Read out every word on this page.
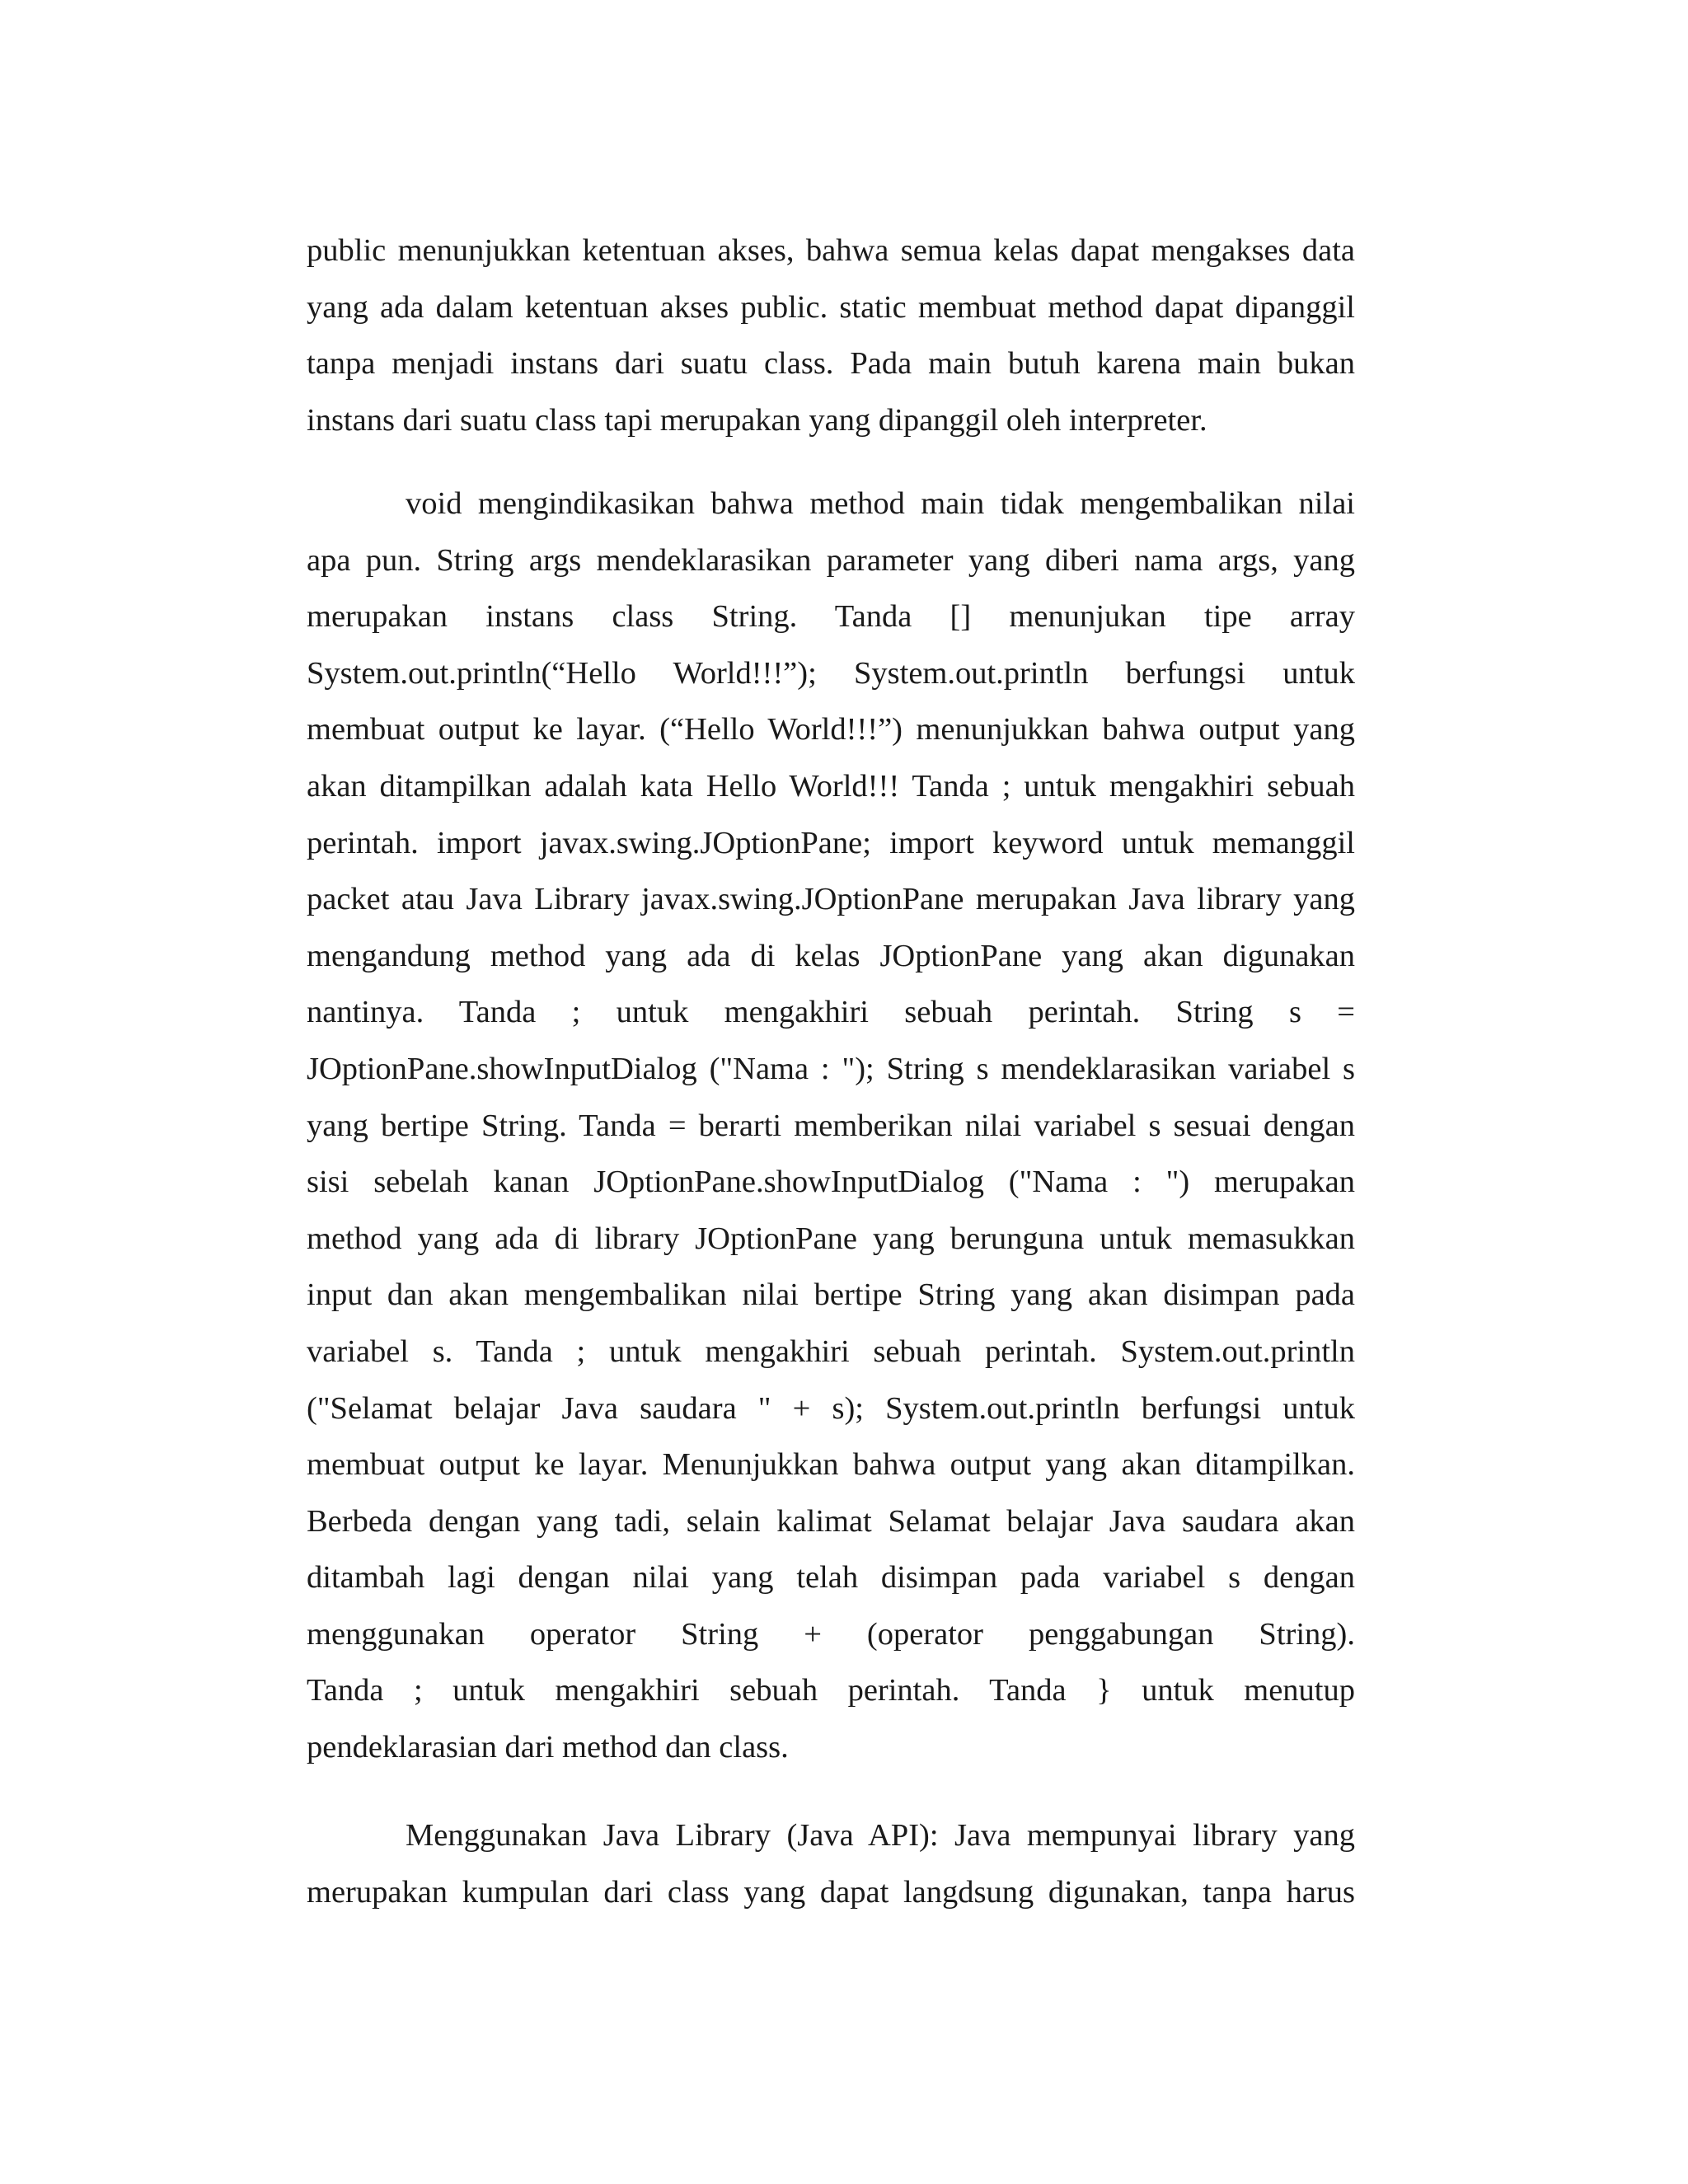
public menunjukkan ketentuan akses, bahwa semua kelas dapat mengakses data
yang ada dalam ketentuan akses public. static membuat method dapat dipanggil
tanpa menjadi instans dari suatu class. Pada main butuh karena main bukan
instans dari suatu class tapi merupakan yang dipanggil oleh interpreter.
void mengindikasikan bahwa method main tidak mengembalikan nilai
apa pun. String args mendeklarasikan parameter yang diberi nama args, yang
merupakan instans class String. Tanda [] menunjukan tipe array
System.out.println(“Hello World!!!”); System.out.println berfungsi untuk
membuat output ke layar. (“Hello World!!!”) menunjukkan bahwa output yang
akan ditampilkan adalah kata Hello World!!! Tanda ; untuk mengakhiri sebuah
perintah. import javax.swing.JOptionPane; import keyword untuk memanggil
packet atau Java Library javax.swing.JOptionPane merupakan Java library yang
mengandung method yang ada di kelas JOptionPane yang akan digunakan
nantinya. Tanda ; untuk mengakhiri sebuah perintah. String s =
JOptionPane.showInputDialog ("Nama : "); String s mendeklarasikan variabel s
yang bertipe String. Tanda = berarti memberikan nilai variabel s sesuai dengan
sisi sebelah kanan JOptionPane.showInputDialog ("Nama : ") merupakan
method yang ada di library JOptionPane yang berunguna untuk memasukkan
input dan akan mengembalikan nilai bertipe String yang akan disimpan pada
variabel s. Tanda ; untuk mengakhiri sebuah perintah. System.out.println
("Selamat belajar Java saudara " + s); System.out.println berfungsi untuk
membuat output ke layar. Menunjukkan bahwa output yang akan ditampilkan.
Berbeda dengan yang tadi, selain kalimat Selamat belajar Java saudara akan
ditambah lagi dengan nilai yang telah disimpan pada variabel s dengan
menggunakan operator String + (operator penggabungan String).
Tanda ; untuk mengakhiri sebuah perintah. Tanda } untuk menutup
pendeklarasian dari method dan class.
Menggunakan Java Library (Java API): Java mempunyai library yang
merupakan kumpulan dari class yang dapat langdsung digunakan, tanpa harus
